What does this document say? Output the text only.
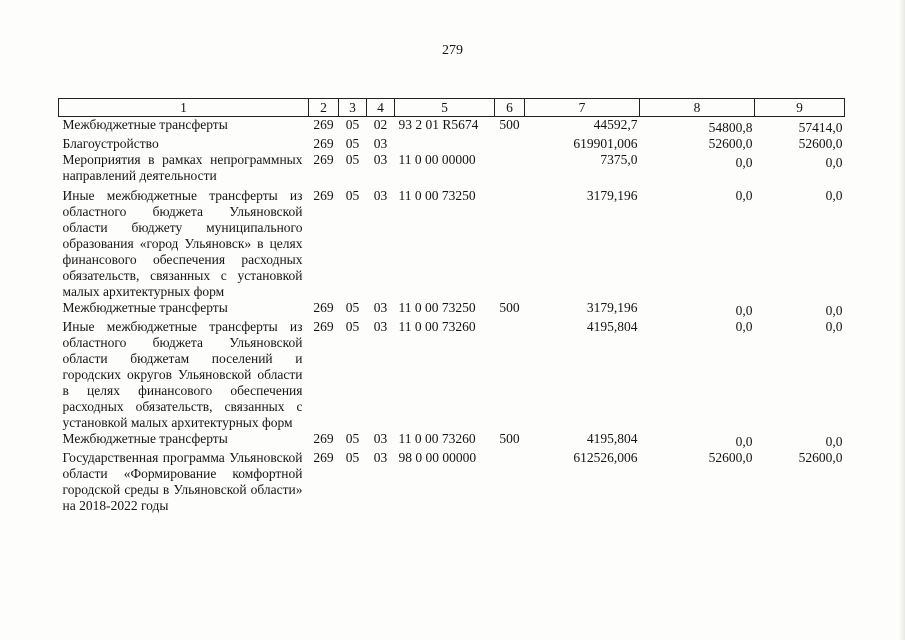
279
1	2	3	4	5	6	7	8	9
Межбюджетные трансферты	269	05	02	93 2 01 R5674	500	44592,7	54800,8	57414,0
Благоустройство	269	05	03			619901,006	52600,0	52600,0
Мероприятия в рамках непрограммных направлений деятельности	269	05	03	11 0 00 00000		7375,0	0,0	0,0
Иные межбюджетные трансферты из областного бюджета Ульяновской области бюджету муниципального образования «город Ульяновск» в целях финансового обеспечения расходных обязательств, связанных с установкой малых архитектурных форм	269	05	03	11 0 00 73250		3179,196	0,0	0,0
Межбюджетные трансферты	269	05	03	11 0 00 73250	500	3179,196	0,0	0,0
Иные межбюджетные трансферты из областного бюджета Ульяновской области бюджетам поселений и городских округов Ульяновской области в целях финансового обеспечения расходных обязательств, связанных с установкой малых архитектурных форм	269	05	03	11 0 00 73260		4195,804	0,0	0,0
Межбюджетные трансферты	269	05	03	11 0 00 73260	500	4195,804	0,0	0,0
Государственная программа Ульяновской области «Формирование комфортной городской среды в Ульяновской области» на 2018-2022 годы	269	05	03	98 0 00 00000		612526,006	52600,0	52600,0
